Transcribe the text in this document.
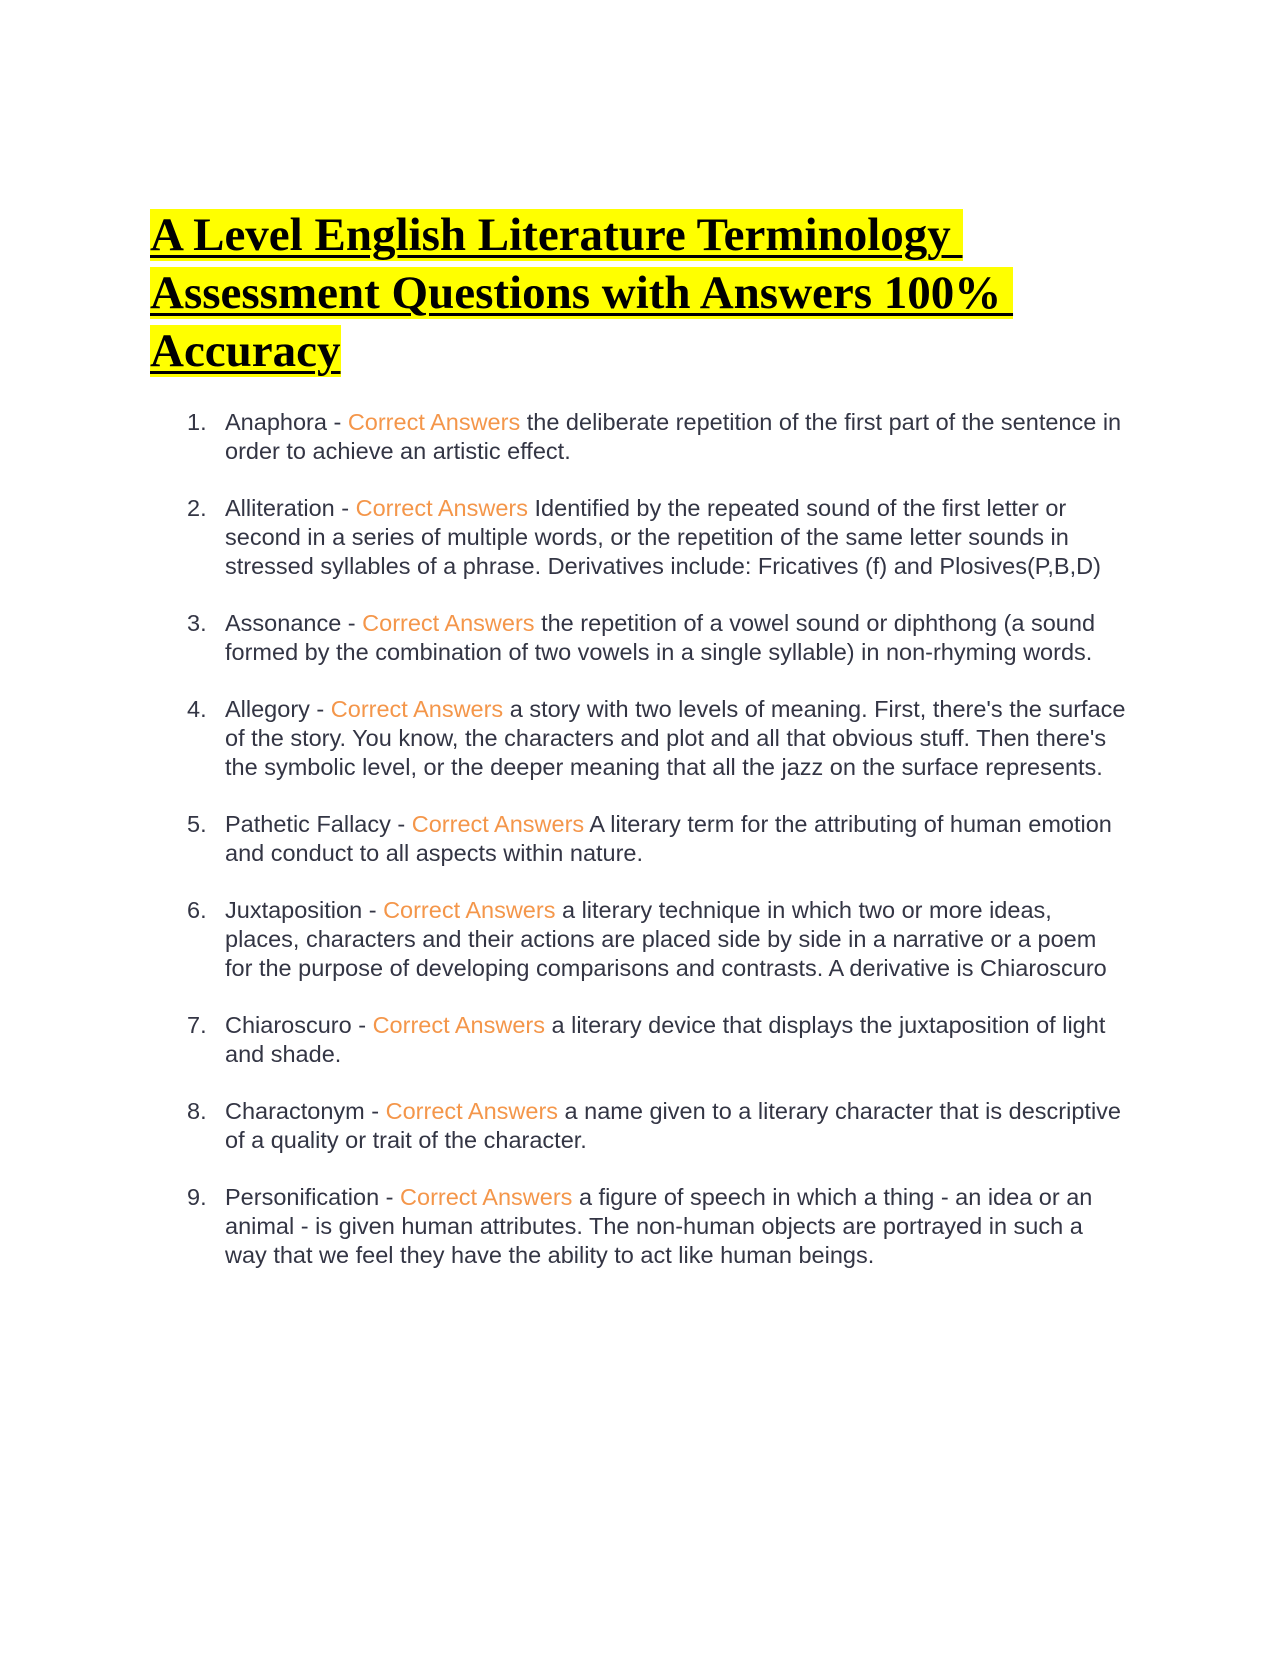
A Level English Literature Terminology
Assessment Questions with Answers 100%
Accuracy
1. Anaphora - Correct Answers the deliberate repetition of the first part of the sentence in order to achieve an artistic effect.
2. Alliteration - Correct Answers Identified by the repeated sound of the first letter or second in a series of multiple words, or the repetition of the same letter sounds in stressed syllables of a phrase. Derivatives include: Fricatives (f) and Plosives(P,B,D)
3. Assonance - Correct Answers the repetition of a vowel sound or diphthong (a sound formed by the combination of two vowels in a single syllable) in non-rhyming words.
4. Allegory - Correct Answers a story with two levels of meaning. First, there's the surface of the story. You know, the characters and plot and all that obvious stuff. Then there's the symbolic level, or the deeper meaning that all the jazz on the surface represents.
5. Pathetic Fallacy - Correct Answers A literary term for the attributing of human emotion and conduct to all aspects within nature.
6. Juxtaposition - Correct Answers a literary technique in which two or more ideas, places, characters and their actions are placed side by side in a narrative or a poem for the purpose of developing comparisons and contrasts. A derivative is Chiaroscuro
7. Chiaroscuro - Correct Answers a literary device that displays the juxtaposition of light and shade.
8. Charactonym - Correct Answers a name given to a literary character that is descriptive of a quality or trait of the character.
9. Personification - Correct Answers a figure of speech in which a thing - an idea or an animal - is given human attributes. The non-human objects are portrayed in such a way that we feel they have the ability to act like human beings.
